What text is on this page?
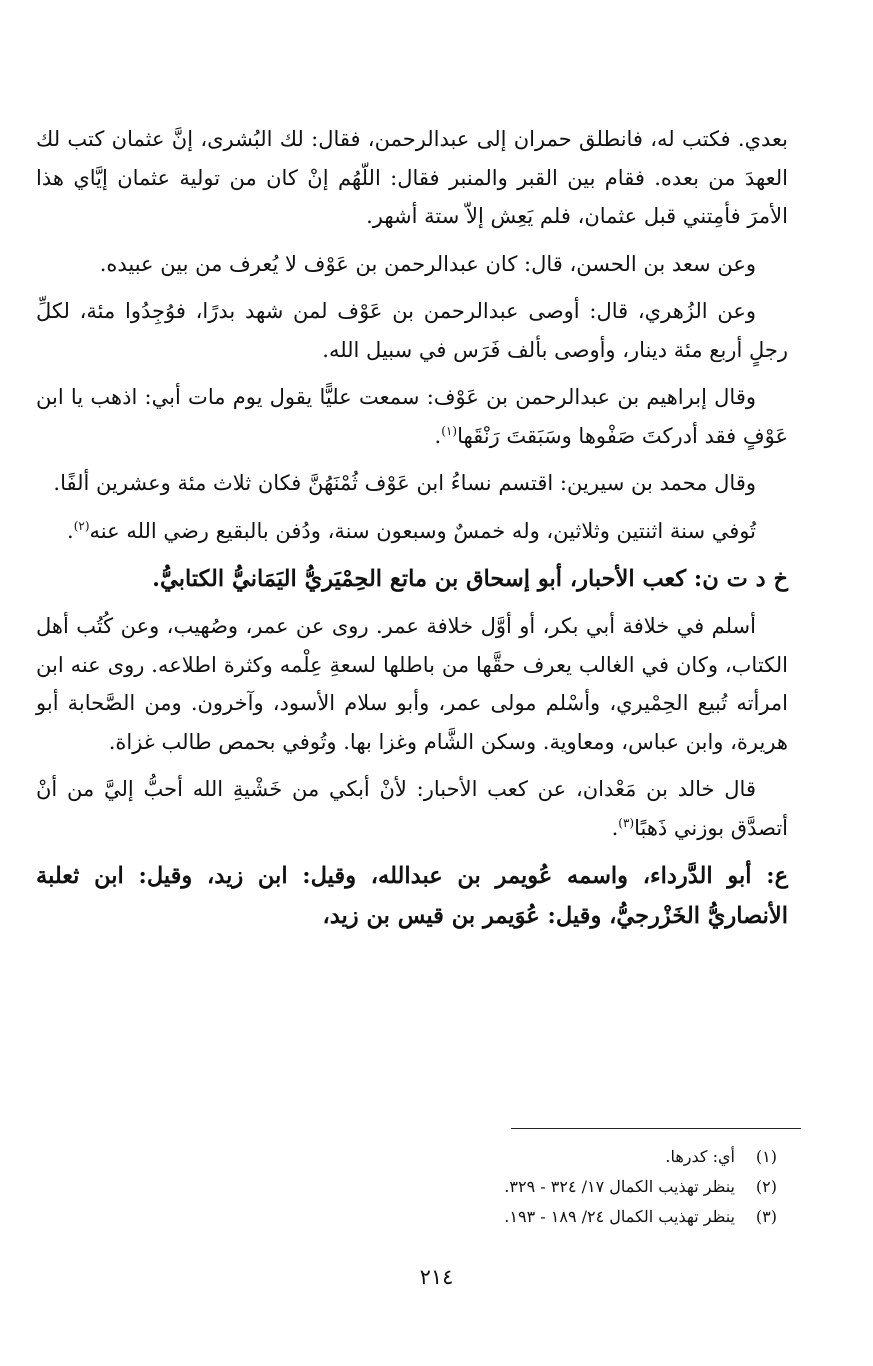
بعدي. فكتب له، فانطلق حمران إلى عبدالرحمن، فقال: لك البُشرى، إنَّ عثمان كتب لك العهدَ من بعده. فقام بين القبر والمنبر فقال: اللّهُم إنْ كان من تولية عثمان إيَّاي هذا الأمرَ فأمِتني قبل عثمان، فلم يَعِش إلاّ ستة أشهر.

وعن سعد بن الحسن، قال: كان عبدالرحمن بن عَوْف لا يُعرف من بين عبيده.

وعن الزُهري، قال: أوصى عبدالرحمن بن عَوْف لمن شهد بدرًا، فوُجِدُوا مئة، لكلِّ رجلٍ أربع مئة دينار، وأوصى بألف فَرَس في سبيل الله.

وقال إبراهيم بن عبدالرحمن بن عَوْف: سمعت عليًّا يقول يوم مات أبي: اذهب يا ابن عَوْفٍ فقد أدركتَ صَفْوها وسَبَقتَ رَنْقَها$^{(١)}$.

وقال محمد بن سيرين: اقتسم نساءُ ابن عَوْف ثُمْنَهُنَّ فكان ثلاث مئة وعشرين ألفًا.

تُوفي سنة اثنتين وثلاثين، وله خمسٌ وسبعون سنة، ودُفن بالبقيع رضي الله عنه$^{(٢)}$.

خ د ت ن: كعب الأحبار، أبو إسحاق بن ماتع الحِمْيَريُّ اليَمَانيُّ الكتابيُّ.

أسلم في خلافة أبي بكر، أو أوَّل خلافة عمر. روى عن عمر، وصُهيب، وعن كُتُب أهل الكتاب، وكان في الغالب يعرف حقَّها من باطلها لسعةِ عِلْمه وكثرة اطلاعه. روى عنه ابن امرأته تُبيع الحِمْيري، وأسْلم مولى عمر، وأبو سلام الأسود، وآخرون. ومن الصَّحابة أبو هريرة، وابن عباس، ومعاوية. وسكن الشَّام وغزا بها. وتُوفي بحمص طالب غزاة.

قال خالد بن مَعْدان، عن كعب الأحبار: لأنْ أبكي من خَشْيةِ الله أحبُّ إليَّ من أنْ أتصدَّق بوزني ذَهبًا$^{(٣)}$.

ع: أبو الدَّرداء، واسمه عُويمر بن عبدالله، وقيل: ابن زيد، وقيل: ابن ثعلبة الأنصاريُّ الخَزْرجيُّ، وقيل: عُوَيمر بن قيس بن زيد،

(١)أي: كدرها.
(٢)ينظر تهذيب الكمال ١٧/ ٣٢٤ - ٣٢٩.
(٣)ينظر تهذيب الكمال ٢٤/ ١٨٩ - ١٩٣.
٢١٤
